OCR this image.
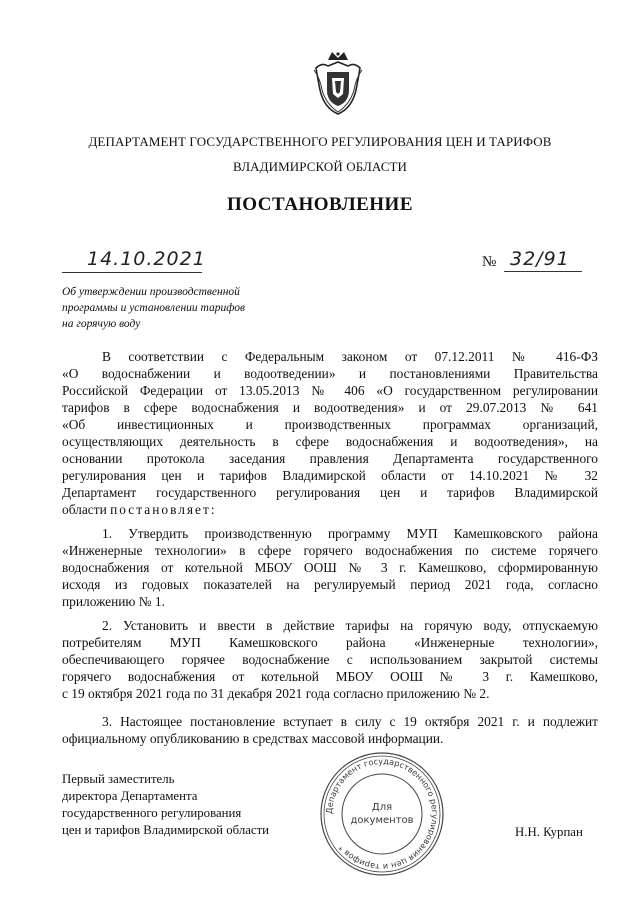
ДЕПАРТАМЕНТ ГОСУДАРСТВЕННОГО РЕГУЛИРОВАНИЯ ЦЕН И ТАРИФОВ
ВЛАДИМИРСКОЙ ОБЛАСТИ
ПОСТАНОВЛЕНИЕ
14.10.2021	№ 32/91
Об утверждении производственной
программы и установлении тарифов
на горячую воду
В соответствии с Федеральным законом от 07.12.2011 № 416-ФЗ
«О водоснабжении и водоотведении» и постановлениями Правительства
Российской Федерации от 13.05.2013 № 406 «О государственном регулировании
тарифов в сфере водоснабжения и водоотведения» и от 29.07.2013 № 641
«Об инвестиционных и производственных программах организаций,
осуществляющих деятельность в сфере водоснабжения и водоотведения», на
основании протокола заседания правления Департамента государственного
регулирования цен и тарифов Владимирской области от 14.10.2021 № 32
Департамент государственного регулирования цен и тарифов Владимирской
области постановляет:
1. Утвердить производственную программу МУП Камешковского района
«Инженерные технологии» в сфере горячего водоснабжения по системе горячего
водоснабжения от котельной МБОУ ООШ № 3 г. Камешково, сформированную
исходя из годовых показателей на регулируемый период 2021 года, согласно
приложению № 1.
2. Установить и ввести в действие тарифы на горячую воду, отпускаемую
потребителям МУП Камешковского района «Инженерные технологии»,
обеспечивающего горячее водоснабжение с использованием закрытой системы
горячего водоснабжения от котельной МБОУ ООШ № 3 г. Камешково,
с 19 октября 2021 года по 31 декабря 2021 года согласно приложению № 2.
3. Настоящее постановление вступает в силу с 19 октября 2021 г. и подлежит
официальному опубликованию в средствах массовой информации.
Первый заместитель
директора Департамента
государственного регулирования
цен и тарифов Владимирской области	Н.Н. Курпан
Департамент государственного регулирования цен и тарифов *
Для
документов
